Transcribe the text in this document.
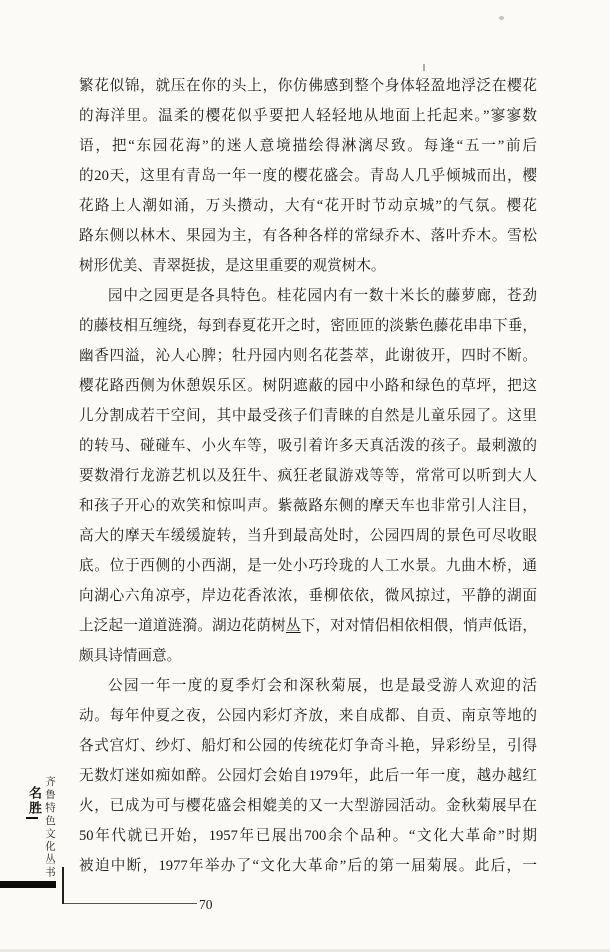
名胜 齐鲁特色文化丛书
繁花似锦，就压在你的头上，你仿佛感到整个身体轻盈地浮泛在樱花
的海洋里。温柔的樱花似乎要把人轻轻地从地面上托起来。”寥寥数
语，把“东园花海”的迷人意境描绘得淋漓尽致。每逢“五一”前后
的20天，这里有青岛一年一度的樱花盛会。青岛人几乎倾城而出，樱
花路上人潮如涌，万头攒动，大有“花开时节动京城”的气氛。樱花
路东侧以林木、果园为主，有各种各样的常绿乔木、落叶乔木。雪松
树形优美、青翠挺拔，是这里重要的观赏树木。
园中之园更是各具特色。桂花园内有一数十米长的藤萝廊，苍劲
的藤枝相互缠绕，每到春夏花开之时，密匝匝的淡紫色藤花串串下垂，
幽香四溢，沁人心脾；牡丹园内则名花荟萃，此谢彼开，四时不断。
樱花路西侧为休憩娱乐区。树阴遮蔽的园中小路和绿色的草坪，把这
儿分割成若干空间，其中最受孩子们青睐的自然是儿童乐园了。这里
的转马、碰碰车、小火车等，吸引着许多天真活泼的孩子。最刺激的
要数滑行龙游艺机以及狂牛、疯狂老鼠游戏等等，常常可以听到大人
和孩子开心的欢笑和惊叫声。紫薇路东侧的摩天车也非常引人注目，
高大的摩天车缓缓旋转，当升到最高处时，公园四周的景色可尽收眼
底。位于西侧的小西湖，是一处小巧玲珑的人工水景。九曲木桥，通
向湖心六角凉亭，岸边花香浓浓，垂柳依依，微风掠过，平静的湖面
上泛起一道道涟漪。湖边花荫树丛下，对对情侣相依相偎，悄声低语，
颇具诗情画意。
公园一年一度的夏季灯会和深秋菊展，也是最受游人欢迎的活
动。每年仲夏之夜，公园内彩灯齐放，来自成都、自贡、南京等地的
各式宫灯、纱灯、船灯和公园的传统花灯争奇斗艳，异彩纷呈，引得
无数灯迷如痴如醉。公园灯会始自1979年，此后一年一度，越办越红
火，已成为可与樱花盛会相媲美的又一大型游园活动。金秋菊展早在
50年代就已开始，1957年已展出700余个品种。“文化大革命”时期
被迫中断，1977年举办了“文化大革命”后的第一届菊展。此后，一
70
